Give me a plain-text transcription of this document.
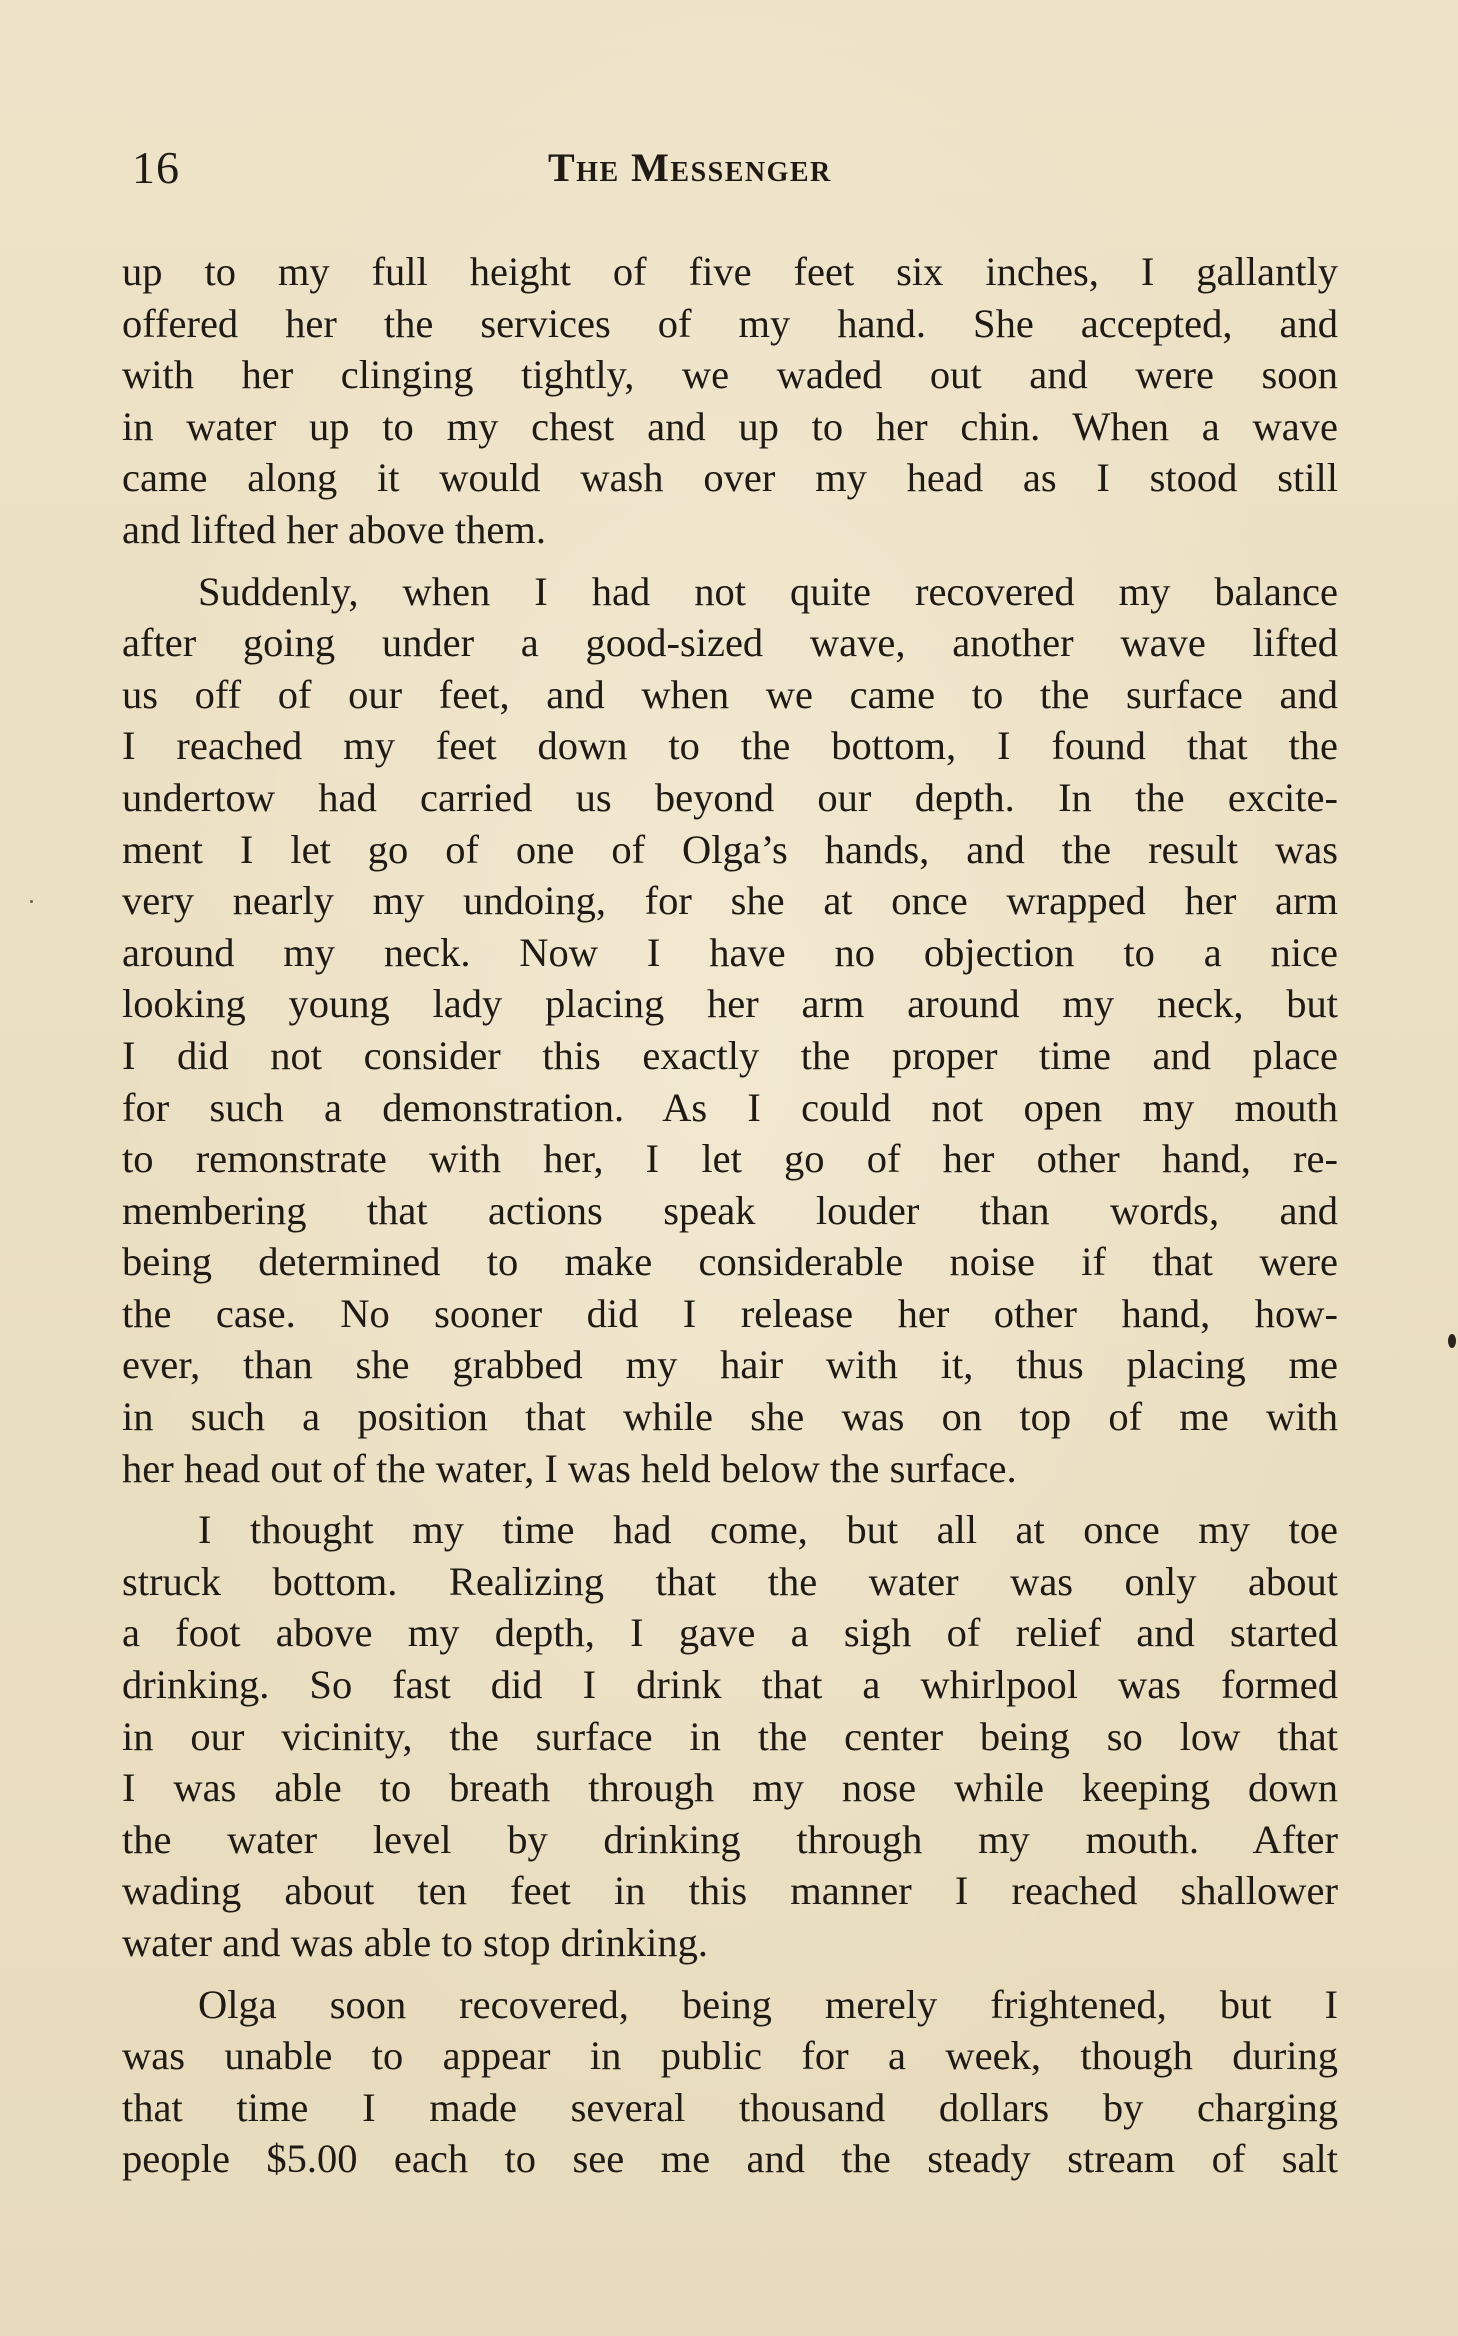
16	The Messenger
up to my full height of five feet six inches, I gallantly
offered her the services of my hand. She accepted, and
with her clinging tightly, we waded out and were soon
in water up to my chest and up to her chin. When a wave
came along it would wash over my head as I stood still
and lifted her above them.
Suddenly, when I had not quite recovered my balance
after going under a good-sized wave, another wave lifted
us off of our feet, and when we came to the surface and
I reached my feet down to the bottom, I found that the
undertow had carried us beyond our depth. In the excite-
ment I let go of one of Olga’s hands, and the result was
very nearly my undoing, for she at once wrapped her arm
around my neck. Now I have no objection to a nice
looking young lady placing her arm around my neck, but
I did not consider this exactly the proper time and place
for such a demonstration. As I could not open my mouth
to remonstrate with her, I let go of her other hand, re-
membering that actions speak louder than words, and
being determined to make considerable noise if that were
the case. No sooner did I release her other hand, how-
ever, than she grabbed my hair with it, thus placing me
in such a position that while she was on top of me with
her head out of the water, I was held below the surface.
I thought my time had come, but all at once my toe
struck bottom. Realizing that the water was only about
a foot above my depth, I gave a sigh of relief and started
drinking. So fast did I drink that a whirlpool was formed
in our vicinity, the surface in the center being so low that
I was able to breath through my nose while keeping down
the water level by drinking through my mouth. After
wading about ten feet in this manner I reached shallower
water and was able to stop drinking.
Olga soon recovered, being merely frightened, but I
was unable to appear in public for a week, though during
that time I made several thousand dollars by charging
people $5.00 each to see me and the steady stream of salt
